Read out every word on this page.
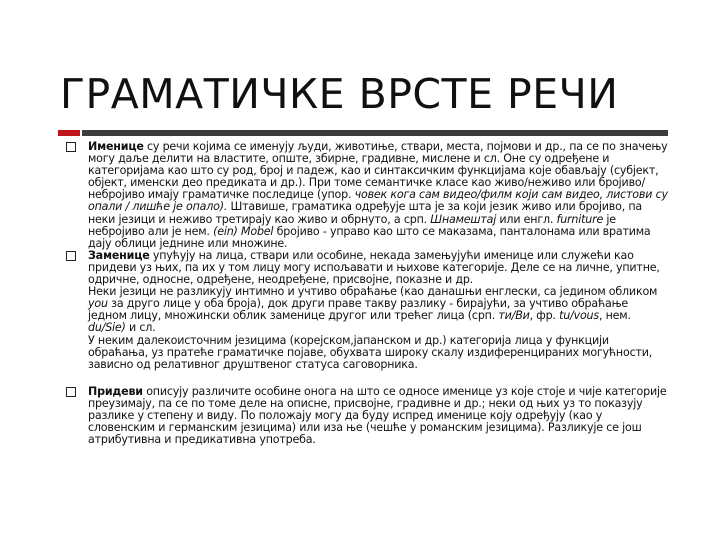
ГРАМАТИЧКЕ ВРСТЕ РЕЧИ
Именице су речи којима се именују људи, животиње, ствари, места, појмови и др., па се по значењу могу даље делити на властите, опште, збирне, градивне, мислене и сл. Оне су одређене и категоријама као што су род, број и падеж, као и синтаксичким функцијама које обављају (субјект, објект, именски део предиката и др.). При томе семантичке класе као живо/неживо или бројиво/небројиво имају граматичке последице (упор. човек кога сам видео/филм који сам видео, листови су опали / лишће је опало). Штавише, граматика одређује шта је за који језик живо или бројиво, па неки језици и неживо третирају као живо и обрнуто, а срп. Шнамештај или енгл. furniture је небројиво али је нем. (ein) Mobel бројиво - управо као што се маказама, панталонама или вратима дају облици једнине или множине.
Заменице упућују на лица, ствари или особине, некада замењујући именице или служећи као придеви уз њих, па их у том лицу могу испољавати и њихове категорије. Деле се на личне, упитне, одричне, односне, одређене, неодређене, присвојне, показне и др.
Неки језици не разликују интимно и учтиво обраћање (као данашњи енглески, са једином обликом you за друго лице у оба броја), док други праве такву разлику - бирајући, за учтиво обраћање једном лицу, множински облик заменице другог или трећег лица (срп. ти/Ви, фр. tu/vous, нем. du/Sie) и сл.
У неким далекоисточним језицима (корејском,јапанском и др.) категорија лица у функцији обраћања, уз пратеће граматичке појаве, обухвата широку скалу издиференцираних могућности, зависно од релативног друштвеног статуса саговорника.
Придеви описују различите особине онога на што се односе именице уз које стоје и чије категорије преузимају, па се по томе деле на описне, присвојне, градивне и др.; неки од њих уз то показују разлике у степену и виду. По положају могу да буду испред именице коју одређују (као у словенским и германским језицима) или иза ње (чешће у романским језицима). Разликује се још атрибутивна и предикативна употреба.
